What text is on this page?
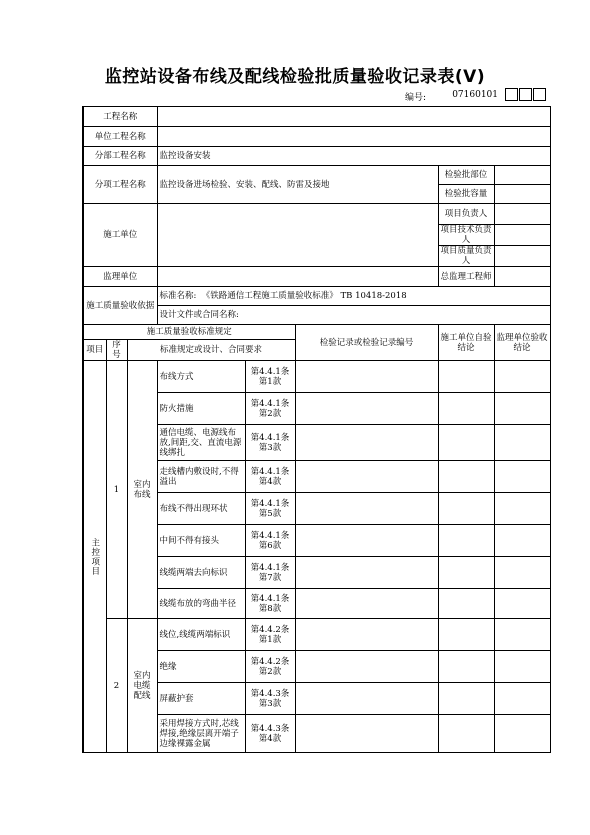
监控站设备布线及配线检验批质量验收记录表(Ⅴ)
编号:	07160101
工程名称							
单位工程名称							
分部工程名称			监控设备安装				
分项工程名称			监控设备进场检验、安装、配线、防雷及接地			检验批部位	
						检验批容量	
施工单位						项目负责人	
						项目技术负责人	
						项目质量负责人	
监理单位						总监理工程师	
施工质量验收依据			标准名称: 《铁路通信工程施工质量验收标准》 TB 10418-2018				
			设计文件或合同名称:				
施工质量验收标准规定					检验记录或检验记录编号	施工单位自验结论	监理单位验收结论
项目	序号	标准规定或设计、合同要求					

主控项目	1	室内布线	布线方式	第4.4.1条 第1款			
			防火措施	第4.4.1条 第2款			
			通信电缆、电源线布放,间距,交、直流电源线绑扎	第4.4.1条 第3款			
			走线槽内敷设时,不得溢出	第4.4.1条 第4款			
			布线不得出现环状	第4.4.1条 第5款			
			中间不得有接头	第4.4.1条 第6款			
			线缆两端去向标识	第4.4.1条 第7款			
			线缆布放的弯曲半径	第4.4.1条 第8款			
	2	室内电缆配线	线位,线缆两端标识	第4.4.2条 第1款			
			绝缘	第4.4.2条 第2款			
			屏蔽护套	第4.4.3条 第3款			
			采用焊接方式时,芯线焊接,绝缘层离开端子边缘裸露金属	第4.4.3条 第4款			
